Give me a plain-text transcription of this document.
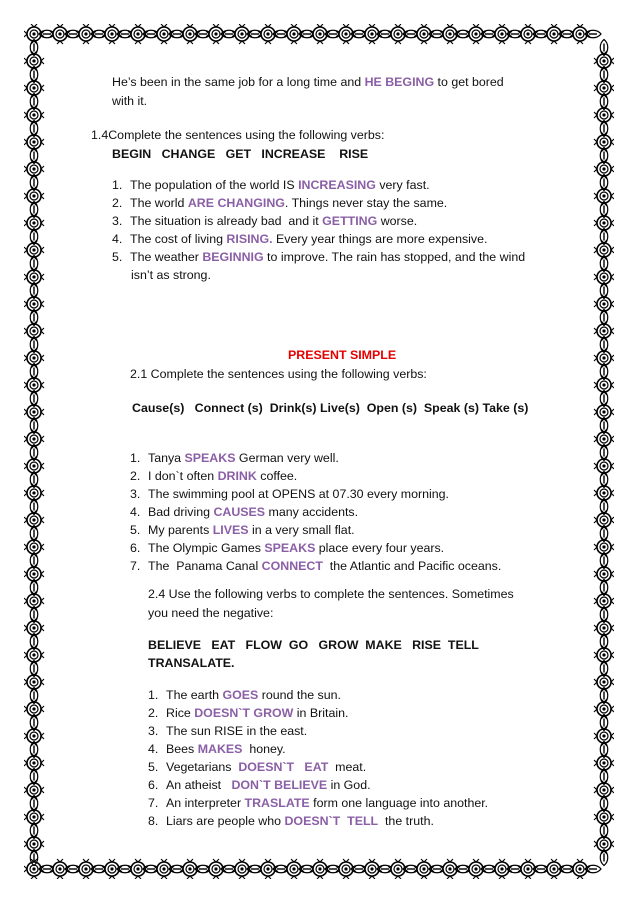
He’s been in the same job for a long time and HE BEGING to get bored
with it.
1.4Complete the sentences using the following verbs:
BEGIN   CHANGE   GET   INCREASE    RISE
1. The population of the world IS INCREASING very fast.
2. The world ARE CHANGING. Things never stay the same.
3. The situation is already bad  and it GETTING worse.
4. The cost of living RISING. Every year things are more expensive.
5. The weather BEGINNIG to improve. The rain has stopped, and the wind
isn’t as strong.
PRESENT SIMPLE
2.1 Complete the sentences using the following verbs:
Cause(s)   Connect (s)  Drink(s) Live(s)  Open (s)  Speak (s) Take (s)
1. Tanya SPEAKS German very well.
2. I don`t often DRINK coffee.
3. The swimming pool at OPENS at 07.30 every morning.
4. Bad driving CAUSES many accidents.
5. My parents LIVES in a very small flat.
6. The Olympic Games SPEAKS place every four years.
7. The  Panama Canal CONNECT  the Atlantic and Pacific oceans.
2.4 Use the following verbs to complete the sentences. Sometimes
you need the negative:
BELIEVE   EAT   FLOW  GO   GROW  MAKE   RISE  TELL
TRANSALATE.
1. The earth GOES round the sun.
2. Rice DOESN`T GROW in Britain.
3. The sun RISE in the east.
4. Bees MAKES  honey.
5. Vegetarians  DOESN`T   EAT  meat.
6. An atheist   DON`T BELIEVE in God.
7. An interpreter TRASLATE form one language into another.
8. Liars are people who DOESN`T  TELL  the truth.
